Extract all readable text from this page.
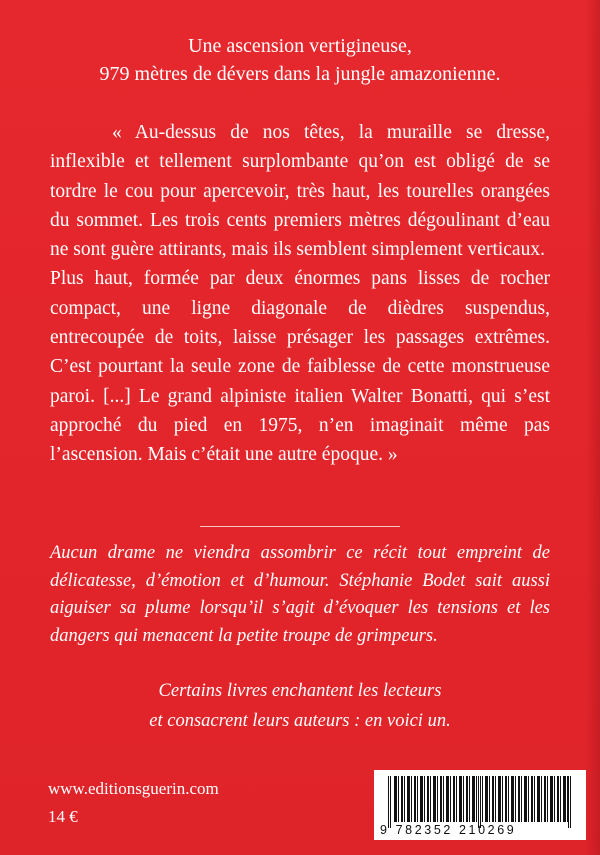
Une ascension vertigineuse,
979 mètres de dévers dans la jungle amazonienne.

« Au-dessus de nos têtes, la muraille se dresse, inflexible et tellement surplombante qu’on est obligé de se tordre le cou pour apercevoir, très haut, les tourelles orangées du sommet. Les trois cents premiers mètres dégoulinant d’eau ne sont guère attirants, mais ils semblent simplement verticaux.

Plus haut, formée par deux énormes pans lisses de rocher compact, une ligne diagonale de dièdres suspendus, entrecoupée de toits, laisse présager les passages extrêmes. C’est pourtant la seule zone de faiblesse de cette monstrueuse paroi. [...] Le grand alpiniste italien Walter Bonatti, qui s’est approché du pied en 1975, n’en imaginait même pas l’ascension. Mais c’était une autre époque. »

Aucun drame ne viendra assombrir ce récit tout empreint de délicatesse, d’émotion et d’humour. Stéphanie Bodet sait aussi aiguiser sa plume lorsqu’il s’agit d’évoquer les tensions et les dangers qui menacent la petite troupe de grimpeurs.

Certains livres enchantent les lecteurs
et consacrent leurs auteurs : en voici un.
www.editionsguerin.com
14 €
9 782352 210269
